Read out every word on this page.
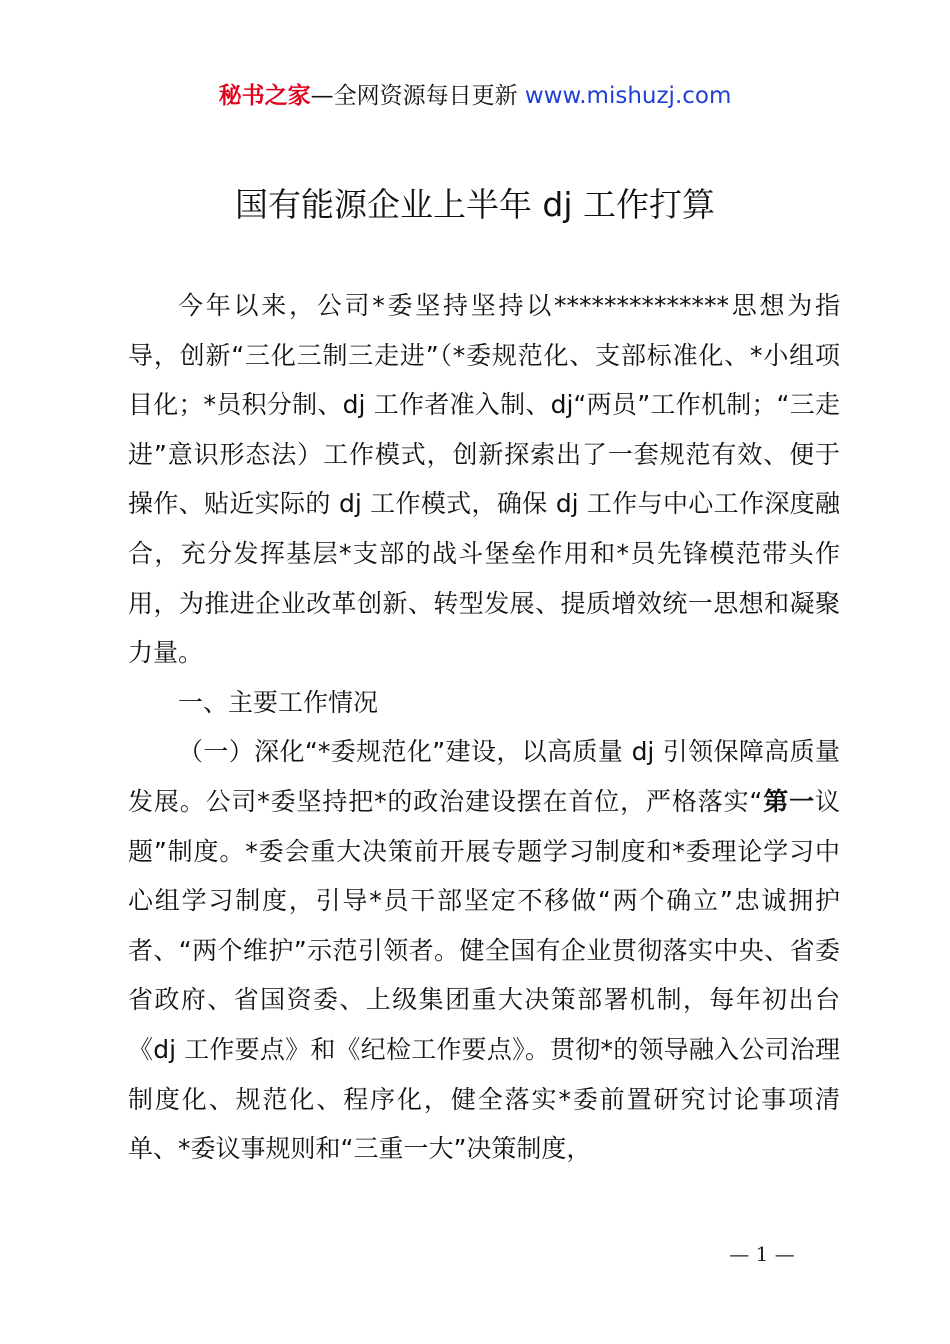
秘书之家—全网资源每日更新 www.mishuzj.com
国有能源企业上半年 dj 工作打算

今年以来，公司*委坚持坚持以**************思想为指导，创新“三化三制三走进”（*委规范化、支部标准化、*小组项目化；*员积分制、dj 工作者准入制、dj“两员”工作机制；“三走进”意识形态法）工作模式，创新探索出了一套规范有效、便于操作、贴近实际的 dj 工作模式，确保 dj 工作与中心工作深度融合，充分发挥基层*支部的战斗堡垒作用和*员先锋模范带头作用，为推进企业改革创新、转型发展、提质增效统一思想和凝聚力量。

一、主要工作情况

（一）深化“*委规范化”建设，以高质量 dj 引领保障高质量发展。公司*委坚持把*的政治建设摆在首位，严格落实“第一议题”制度。*委会重大决策前开展专题学习制度和*委理论学习中心组学习制度，引导*员干部坚定不移做“两个确立”忠诚拥护者、“两个维护”示范引领者。健全国有企业贯彻落实中央、省委省政府、省国资委、上级集团重大决策部署机制，每年初出台《dj 工作要点》和《纪检工作要点》。贯彻*的领导融入公司治理制度化、规范化、程序化，健全落实*委前置研究讨论事项清单、*委议事规则和“三重一大”决策制度，

— 1 —
